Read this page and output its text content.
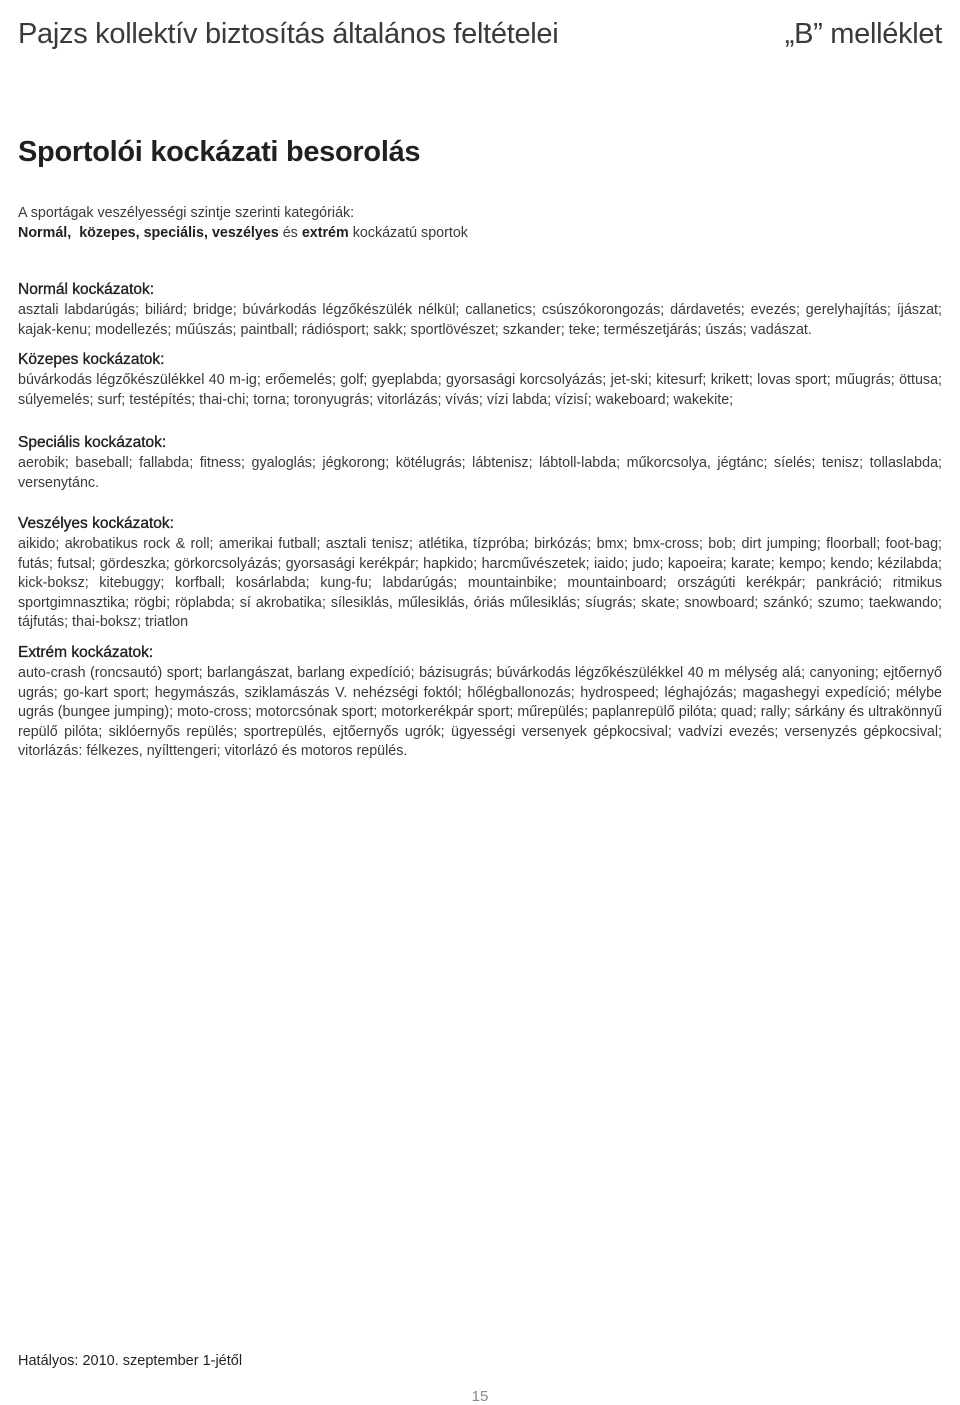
Pajzs kollektív biztosítás általános feltételei	„B” melléklet
Sportolói kockázati besorolás
A sportágak veszélyességi szintje szerinti kategóriák:
Normál, közepes, speciális, veszélyes és extrém kockázatú sportok
Normál kockázatok:

asztali labdarúgás; biliárd; bridge; búvárkodás légzőkészülék nélkül; callanetics; csúszókorongozás; dárdavetés; evezés; gerelyhajítás; íjászat; kajak-kenu; modellezés; műúszás; paintball; rádiósport; sakk; sportlövészet; szkander; teke; természetjárás; úszás; vadászat.

Közepes kockázatok:

búvárkodás légzőkészülékkel 40 m-ig; erőemelés; golf; gyeplabda; gyorsasági korcsolyázás; jet-ski; kitesurf; krikett; lovas sport; műugrás; öttusa; súlyemelés; surf; testépítés; thai-chi; torna; toronyugrás; vitorlázás; vívás; vízi labda; vízisí; wakeboard; wakekite;

Speciális kockázatok:

aerobik; baseball; fallabda; fitness; gyaloglás; jégkorong; kötélugrás; lábtenisz; lábtoll-labda; műkorcsolya, jégtánc; síelés; tenisz; tollaslabda; versenytánc.

Veszélyes kockázatok:

aikido; akrobatikus rock & roll; amerikai futball; asztali tenisz; atlétika, tízpróba; birkózás; bmx; bmx-cross; bob; dirt jumping; floorball; foot-bag; futás; futsal; gördeszka; görkorcsolyázás; gyorsasági kerékpár; hapkido; harcművészetek; iaido; judo; kapoeira; karate; kempo; kendo; kézilabda; kick-boksz; kitebuggy; korfball; kosárlabda; kung-fu; labdarúgás; mountainbike; mountainboard; országúti kerékpár; pankráció; ritmikus sportgimnasztika; rögbi; röplabda; sí akrobatika; sílesiklás, műlesiklás, óriás műlesiklás; síugrás; skate; snowboard; szánkó; szumo; taekwando; tájfutás; thai-boksz; triatlon

Extrém kockázatok:

auto-crash (roncsautó) sport; barlangászat, barlang expedíció; bázisugrás; búvárkodás légzőkészülékkel 40 m mélység alá; canyoning; ejtőernyő ugrás; go-kart sport; hegymászás, sziklamászás V. nehézségi foktól; hőlégballonozás; hydrospeed; léghajózás; magashegyi expedíció; mélybe ugrás (bungee jumping); moto-cross; motorcsónak sport; motorkerékpár sport; műrepülés; paplanrepülő pilóta; quad; rally; sárkány és ultrakönnyű repülő pilóta; siklóernyős repülés; sportrepülés, ejtőernyős ugrók; ügyességi versenyek gépkocsival; vadvízi evezés; versenyzés gépkocsival; vitorlázás: félkezes, nyílttengeri; vitorlázó és motoros repülés.

Hatályos: 2010. szeptember 1-jétől
15
